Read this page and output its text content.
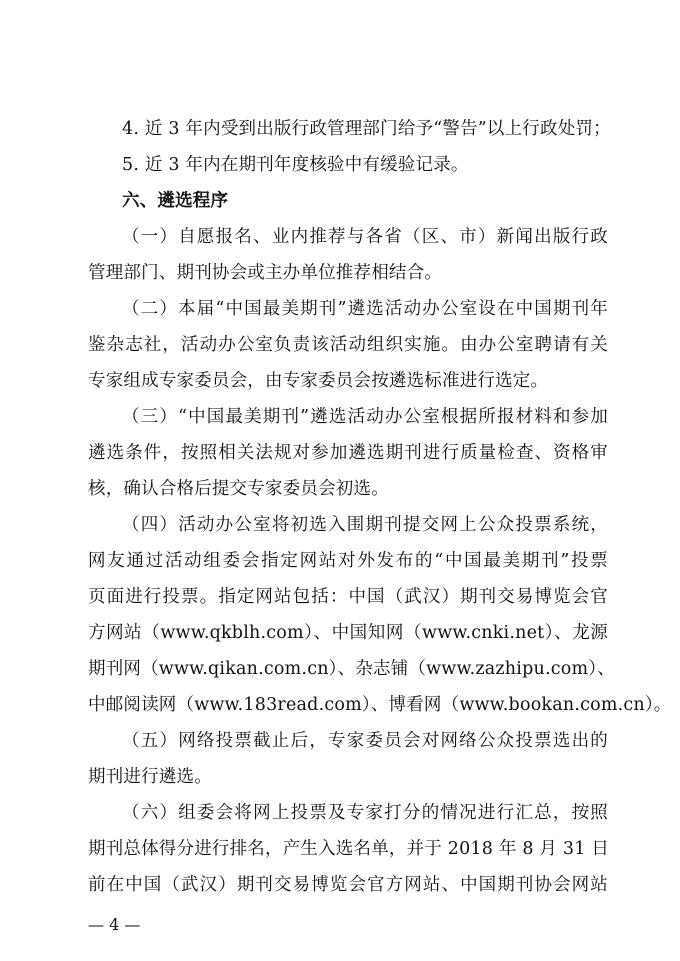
4. 近 3 年内受到出版行政管理部门给予“警告”以上行政处罚；
5. 近 3 年内在期刊年度核验中有缓验记录。
六、遴选程序
（一）自愿报名、业内推荐与各省（区、市）新闻出版行政
管理部门、期刊协会或主办单位推荐相结合。
（二）本届“中国最美期刊”遴选活动办公室设在中国期刊年
鉴杂志社，活动办公室负责该活动组织实施。由办公室聘请有关
专家组成专家委员会，由专家委员会按遴选标准进行选定。
（三）“中国最美期刊”遴选活动办公室根据所报材料和参加
遴选条件，按照相关法规对参加遴选期刊进行质量检查、资格审
核，确认合格后提交专家委员会初选。
（四）活动办公室将初选入围期刊提交网上公众投票系统，
网友通过活动组委会指定网站对外发布的“中国最美期刊”投票
页面进行投票。指定网站包括：中国（武汉）期刊交易博览会官
方网站（www.qkblh.com）、中国知网（www.cnki.net）、龙源
期刊网（www.qikan.com.cn）、杂志铺（www.zazhipu.com）、
中邮阅读网（www.183read.com）、博看网（www.bookan.com.cn）。
（五）网络投票截止后，专家委员会对网络公众投票选出的
期刊进行遴选。
（六）组委会将网上投票及专家打分的情况进行汇总，按照
期刊总体得分进行排名，产生入选名单，并于 2018 年 8 月 31 日
前在中国（武汉）期刊交易博览会官方网站、中国期刊协会网站
— 4 —
